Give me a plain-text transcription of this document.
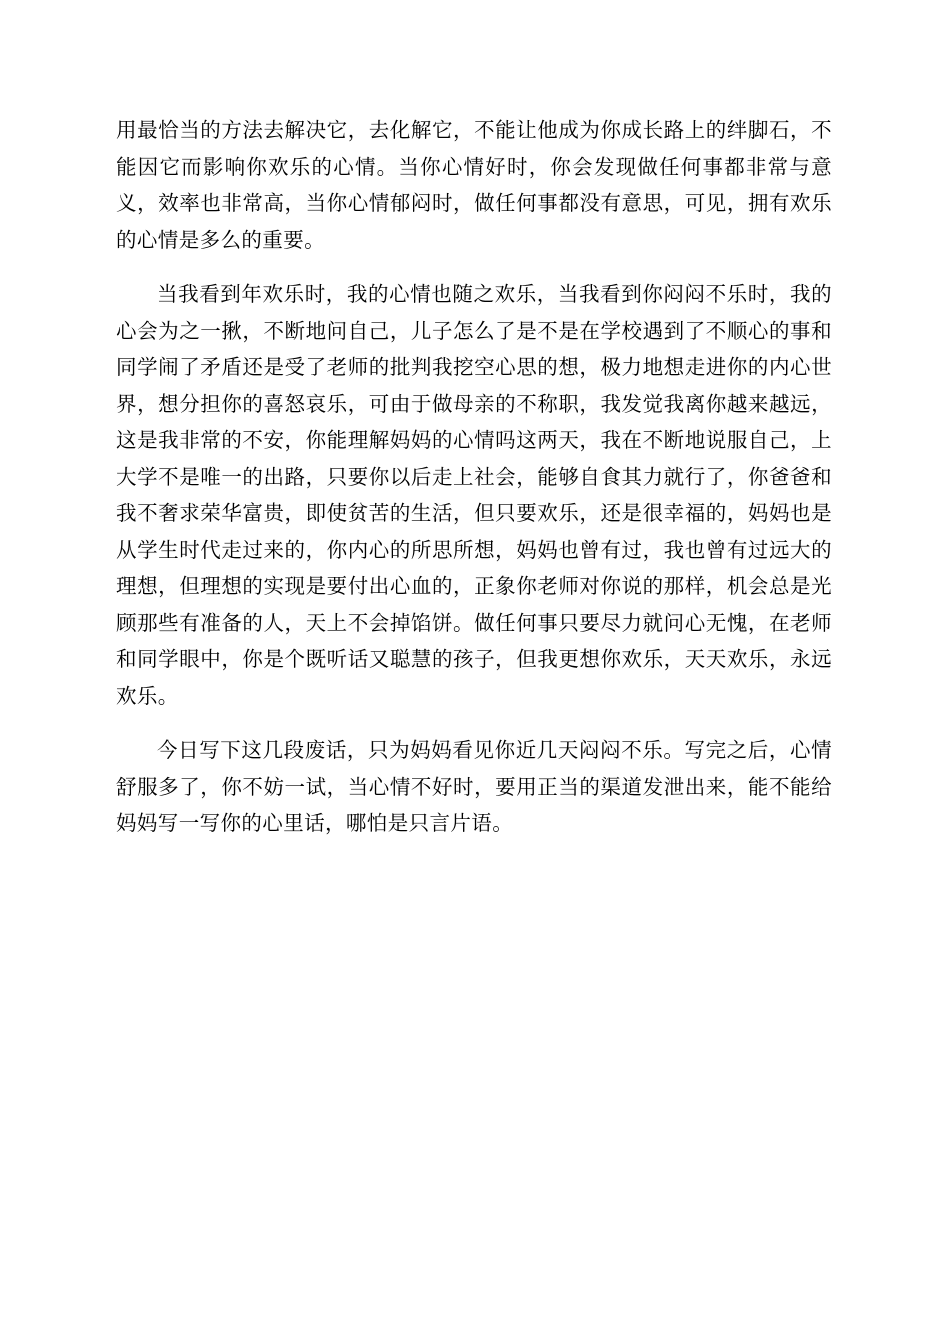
用最恰当的方法去解决它，去化解它，不能让他成为你成长路上的绊脚石，不能因它而影响你欢乐的心情。当你心情好时，你会发现做任何事都非常与意义，效率也非常高，当你心情郁闷时，做任何事都没有意思，可见，拥有欢乐的心情是多么的重要。

当我看到年欢乐时，我的心情也随之欢乐，当我看到你闷闷不乐时，我的心会为之一揪，不断地问自己，儿子怎么了是不是在学校遇到了不顺心的事和同学闹了矛盾还是受了老师的批判我挖空心思的想，极力地想走进你的内心世界，想分担你的喜怒哀乐，可由于做母亲的不称职，我发觉我离你越来越远，这是我非常的不安，你能理解妈妈的心情吗这两天，我在不断地说服自己，上大学不是唯一的出路，只要你以后走上社会，能够自食其力就行了，你爸爸和我不奢求荣华富贵，即使贫苦的生活，但只要欢乐，还是很幸福的，妈妈也是从学生时代走过来的，你内心的所思所想，妈妈也曾有过，我也曾有过远大的理想，但理想的实现是要付出心血的，正象你老师对你说的那样，机会总是光顾那些有准备的人，天上不会掉馅饼。做任何事只要尽力就问心无愧，在老师和同学眼中，你是个既听话又聪慧的孩子，但我更想你欢乐，天天欢乐，永远欢乐。

今日写下这几段废话，只为妈妈看见你近几天闷闷不乐。写完之后，心情舒服多了，你不妨一试，当心情不好时，要用正当的渠道发泄出来，能不能给妈妈写一写你的心里话，哪怕是只言片语。
